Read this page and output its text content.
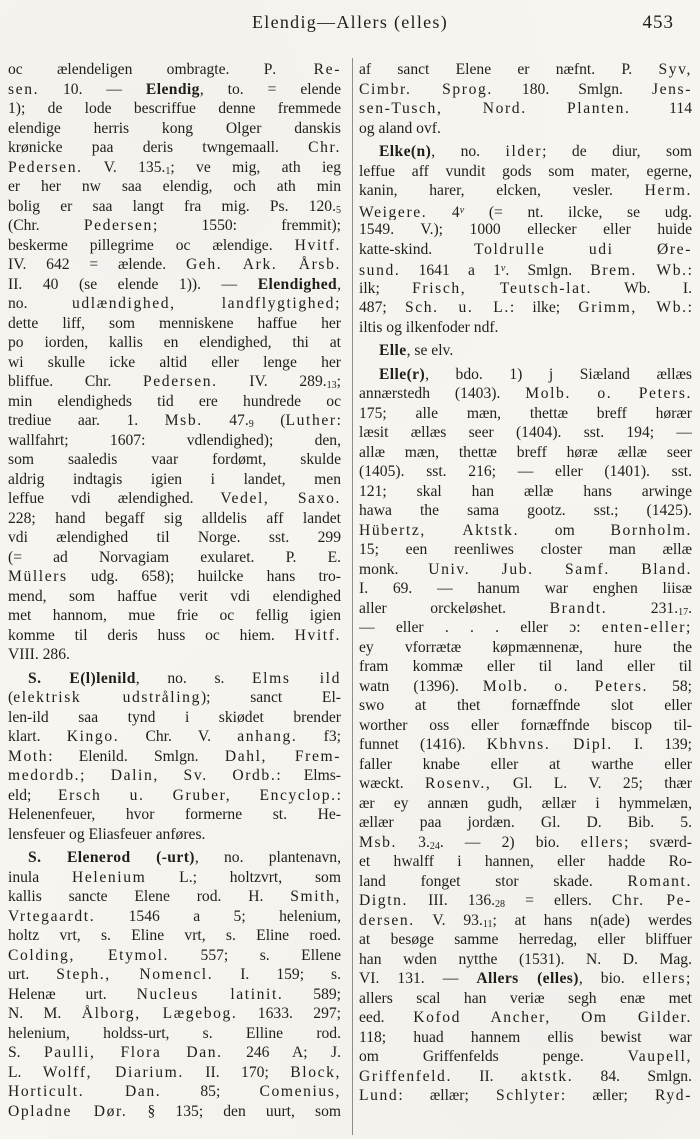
Elendig—Allers (elles)	453
oc ælendeligen ombragte. P. Re-
sen. 10. — Elendig, to. = elende
1); de lode bescriffue denne fremmede
elendige herris kong Olger danskis
krønicke paa deris twngemaall. Chr.
Pedersen. V. $135._1$; ve mig, ath ieg
er her nw saa elendig, och ath min
bolig er saa langt fra mig. Ps. $120._5$
(Chr. Pedersen; 1550: fremmit);
beskerme pillegrime oc ælendige. Hvitf.
IV. 642 = ælende. Geh. Ark. Årsb.
II. 40 (se elende 1)). — Elendighed,
no. udlændighed, landflygtighed;
dette liff, som menniskene haffue her
po iorden, kallis en elendighed, thi at
wi skulle icke altid eller lenge her
bliffue. Chr. Pedersen. IV. $289._{13}$;
min elendigheds tid ere hundrede oc
trediue aar. 1. Msb. $47._9$ (Luther:
wallfahrt; 1607: vdlendighed); den,
som saaledis vaar fordømt, skulde
aldrig indtagis igien i landet, men
leffue vdi ælendighed. Vedel, Saxo.
228; hand begaff sig alldelis aff landet
vdi ælendighed til Norge. sst. 299
(= ad Norvagiam exularet. P. E.
Müllers udg. 658); huilcke hans tro-
mend, som haffue verit vdi elendighed
met hannom, mue frie oc fellig igien
komme til deris huss oc hiem. Hvitf.
VIII. 286.
S. E(l)lenild, no. s. Elms ild
(elektrisk udstråling); sanct El-
len-ild saa tynd i skiødet brender
klart. Kingo. Chr. V. anhang. f3;
Moth: Elenild. Smlgn. Dahl, Frem-
medordb.; Dalin, Sv. Ordb.: Elms-
eld; Ersch u. Gruber, Encyclop.:
Helenenfeuer, hvor formerne st. He-
lensfeuer og Eliasfeuer anføres.
S. Elenerod (-urt), no. plantenavn,
inula Helenium L.; holtzvrt, som
kallis sancte Elene rod. H. Smith,
Vrtegaardt. 1546 a 5; helenium,
holtz vrt, s. Eline vrt, s. Eline roed.
Colding, Etymol. 557; s. Ellene
urt. Steph., Nomencl. I. 159; s.
Helenæ urt. Nucleus latinit. 589;
N. M. Ålborg, Lægebog. 1633. 297;
helenium, holdss-urt, s. Elline rod.
S. Paulli, Flora Dan. 246 A; J.
L. Wolff, Diarium. II. 170; Block,
Horticult. Dan. 85; Comenius,
Opladne Dør. § 135; den uurt, som
af sanct Elene er næfnt. P. Syv,
Cimbr. Sprog. 180. Smlgn. Jens-
sen-Tusch, Nord. Planten. 114
og aland ovf.
Elke(n), no. ilder; de diur, som
leffue aff vundit gods som mater, egerne,
kanin, harer, elcken, vesler. Herm.
Weigere. 4$^v$ (= nt. ilcke, se udg.
1549. V.); 1000 ellecker eller huide
katte-skind. Toldrulle udi Øre-
sund. 1641 a 1$^v$. Smlgn. Brem. Wb.:
ilk; Frisch, Teutsch-lat. Wb. I.
487; Sch. u. L.: ilke; Grimm, Wb.:
iltis og ilkenfoder ndf.
Elle, se elv.
Elle(r), bdo. 1) j Siæland ællæs
annærstedh (1403). Molb. o. Peters.
175; alle mæn, thettæ breff hørær
læsit ællæs seer (1404). sst. 194; —
allæ mæn, thettæ breff høræ ællæ seer
(1405). sst. 216; — eller (1401). sst.
121; skal han ællæ hans arwinge
hawa the sama gootz. sst.; (1425).
Hübertz, Aktstk. om Bornholm.
15; een reenliwes closter man ællæ
monk. Univ. Jub. Samf. Bland.
I. 69. — hanum war enghen liisæ
aller orckeløshet. Brandt. $231._{17}$.
— eller . . . eller ɔ: enten-eller;
ey vforrætæ køpmænnenæ, hure the
fram kommæ eller til land eller til
watn (1396). Molb. o. Peters. 58;
swo at thet fornæffnde slot eller
worther oss eller fornæffnde biscop til-
funnet (1416). Kbhvns. Dipl. I. 139;
faller knabe eller at warthe eller
wæckt. Rosenv., Gl. L. V. 25; thær
ær ey annæn gudh, ællær i hymmelæn,
ællær paa jordæn. Gl. D. Bib. 5.
Msb. $3._{24}$. — 2) bio. ellers; sværd-
et hwalff i hannen, eller hadde Ro-
land fonget stor skade. Romant.
Digtn. III. $136._{28}$ = ellers. Chr. Pe-
dersen. V. $93._{11}$; at hans n(ade) werdes
at besøge samme herredag, eller bliffuer
han wden nytthe (1531). N. D. Mag.
VI. 131. — Allers (elles), bio. ellers;
allers scal han veriæ segh enæ met
eed. Kofod Ancher, Om Gilder.
118; huad hannem ellis bewist war
om Griffenfelds penge. Vaupell,
Griffenfeld. II. aktstk. 84. Smlgn.
Lund: ællær; Schlyter: æller; Ryd-
